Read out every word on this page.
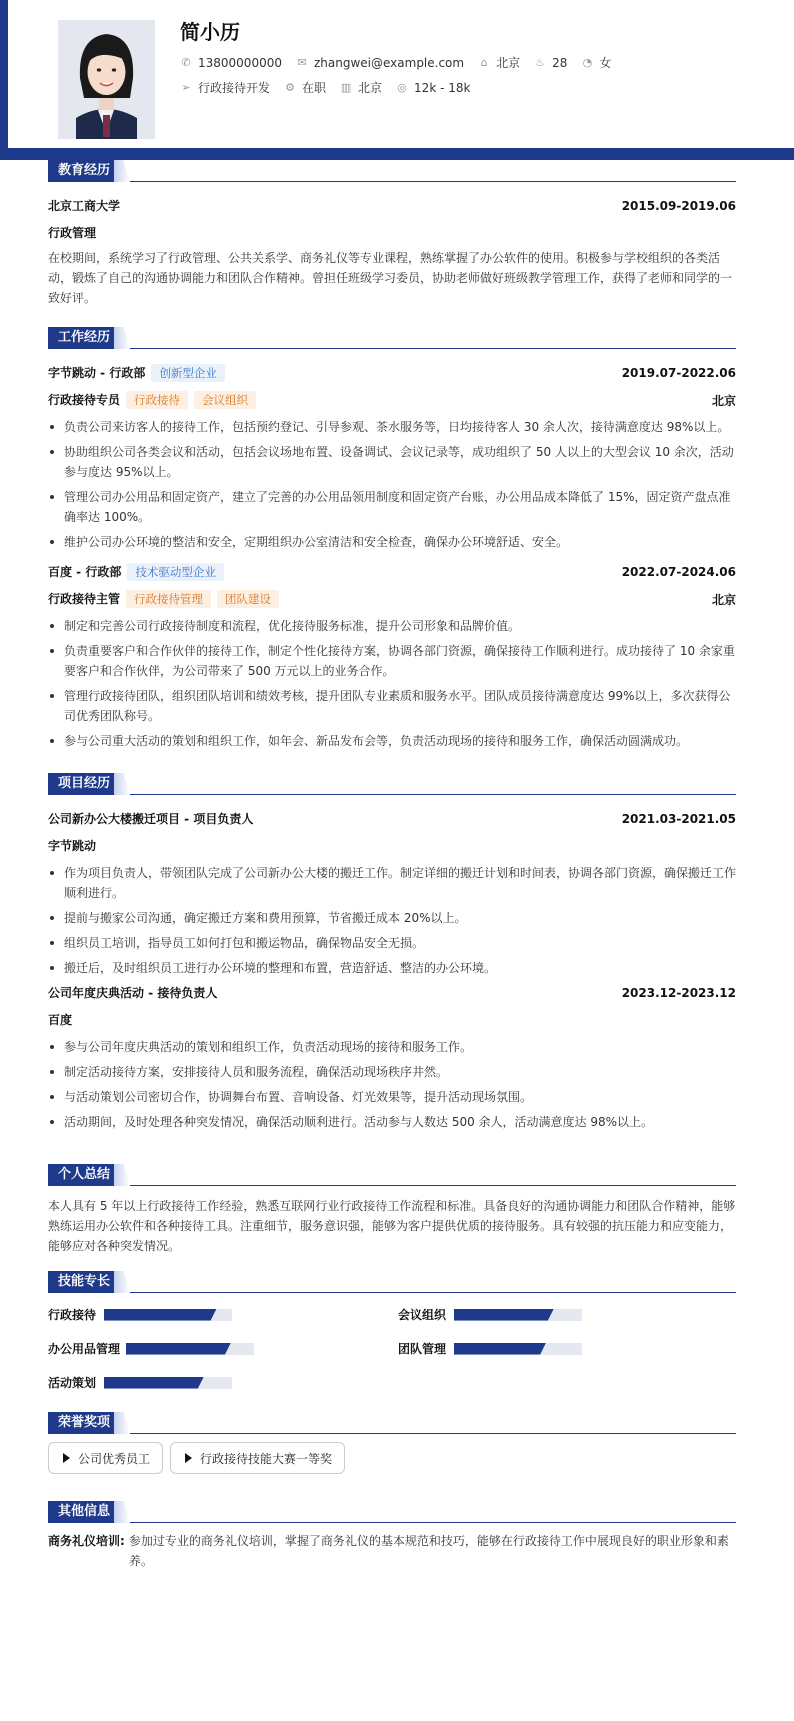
简小历
✆ 13800000000 ✉ zhangwei@example.com ⌂ 北京 ♨ 28 ◔ 女
➢ 行政接待开发 ⚙ 在职 ▥ 北京 ◎ 12k - 18k
教育经历
北京工商大学	2015.09-2019.06
行政管理
在校期间，系统学习了行政管理、公共关系学、商务礼仪等专业课程，熟练掌握了办公软件的使用。积极参与学校组织的各类活动，锻炼了自己的沟通协调能力和团队合作精神。曾担任班级学习委员，协助老师做好班级教学管理工作，获得了老师和同学的一致好评。
工作经历
字节跳动 - 行政部 创新型企业	2019.07-2022.06
行政接待专员 行政接待 会议组织	北京
负责公司来访客人的接待工作，包括预约登记、引导参观、茶水服务等，日均接待客人 30 余人次，接待满意度达 98%以上。
协助组织公司各类会议和活动，包括会议场地布置、设备调试、会议记录等，成功组织了 50 人以上的大型会议 10 余次，活动参与度达 95%以上。
管理公司办公用品和固定资产，建立了完善的办公用品领用制度和固定资产台账，办公用品成本降低了 15%，固定资产盘点准确率达 100%。
维护公司办公环境的整洁和安全，定期组织办公室清洁和安全检查，确保办公环境舒适、安全。
百度 - 行政部 技术驱动型企业	2022.07-2024.06
行政接待主管 行政接待管理 团队建设	北京
制定和完善公司行政接待制度和流程，优化接待服务标准，提升公司形象和品牌价值。
负责重要客户和合作伙伴的接待工作，制定个性化接待方案，协调各部门资源，确保接待工作顺利进行。成功接待了 10 余家重要客户和合作伙伴，为公司带来了 500 万元以上的业务合作。
管理行政接待团队，组织团队培训和绩效考核，提升团队专业素质和服务水平。团队成员接待满意度达 99%以上，多次获得公司优秀团队称号。
参与公司重大活动的策划和组织工作，如年会、新品发布会等，负责活动现场的接待和服务工作，确保活动圆满成功。
项目经历
公司新办公大楼搬迁项目 - 项目负责人	2021.03-2021.05
字节跳动
作为项目负责人，带领团队完成了公司新办公大楼的搬迁工作。制定详细的搬迁计划和时间表，协调各部门资源，确保搬迁工作顺利进行。
提前与搬家公司沟通，确定搬迁方案和费用预算，节省搬迁成本 20%以上。
组织员工培训，指导员工如何打包和搬运物品，确保物品安全无损。
搬迁后，及时组织员工进行办公环境的整理和布置，营造舒适、整洁的办公环境。
公司年度庆典活动 - 接待负责人	2023.12-2023.12
百度
参与公司年度庆典活动的策划和组织工作，负责活动现场的接待和服务工作。
制定活动接待方案，安排接待人员和服务流程，确保活动现场秩序井然。
与活动策划公司密切合作，协调舞台布置、音响设备、灯光效果等，提升活动现场氛围。
活动期间，及时处理各种突发情况，确保活动顺利进行。活动参与人数达 500 余人，活动满意度达 98%以上。
个人总结
本人具有 5 年以上行政接待工作经验，熟悉互联网行业行政接待工作流程和标准。具备良好的沟通协调能力和团队合作精神，能够熟练运用办公软件和各种接待工具。注重细节，服务意识强，能够为客户提供优质的接待服务。具有较强的抗压能力和应变能力，能够应对各种突发情况。
技能专长
行政接待	会议组织
办公用品管理	团队管理
活动策划
荣誉奖项
公司优秀员工	行政接待技能大赛一等奖
其他信息
商务礼仪培训: 参加过专业的商务礼仪培训，掌握了商务礼仪的基本规范和技巧，能够在行政接待工作中展现良好的职业形象和素养。
